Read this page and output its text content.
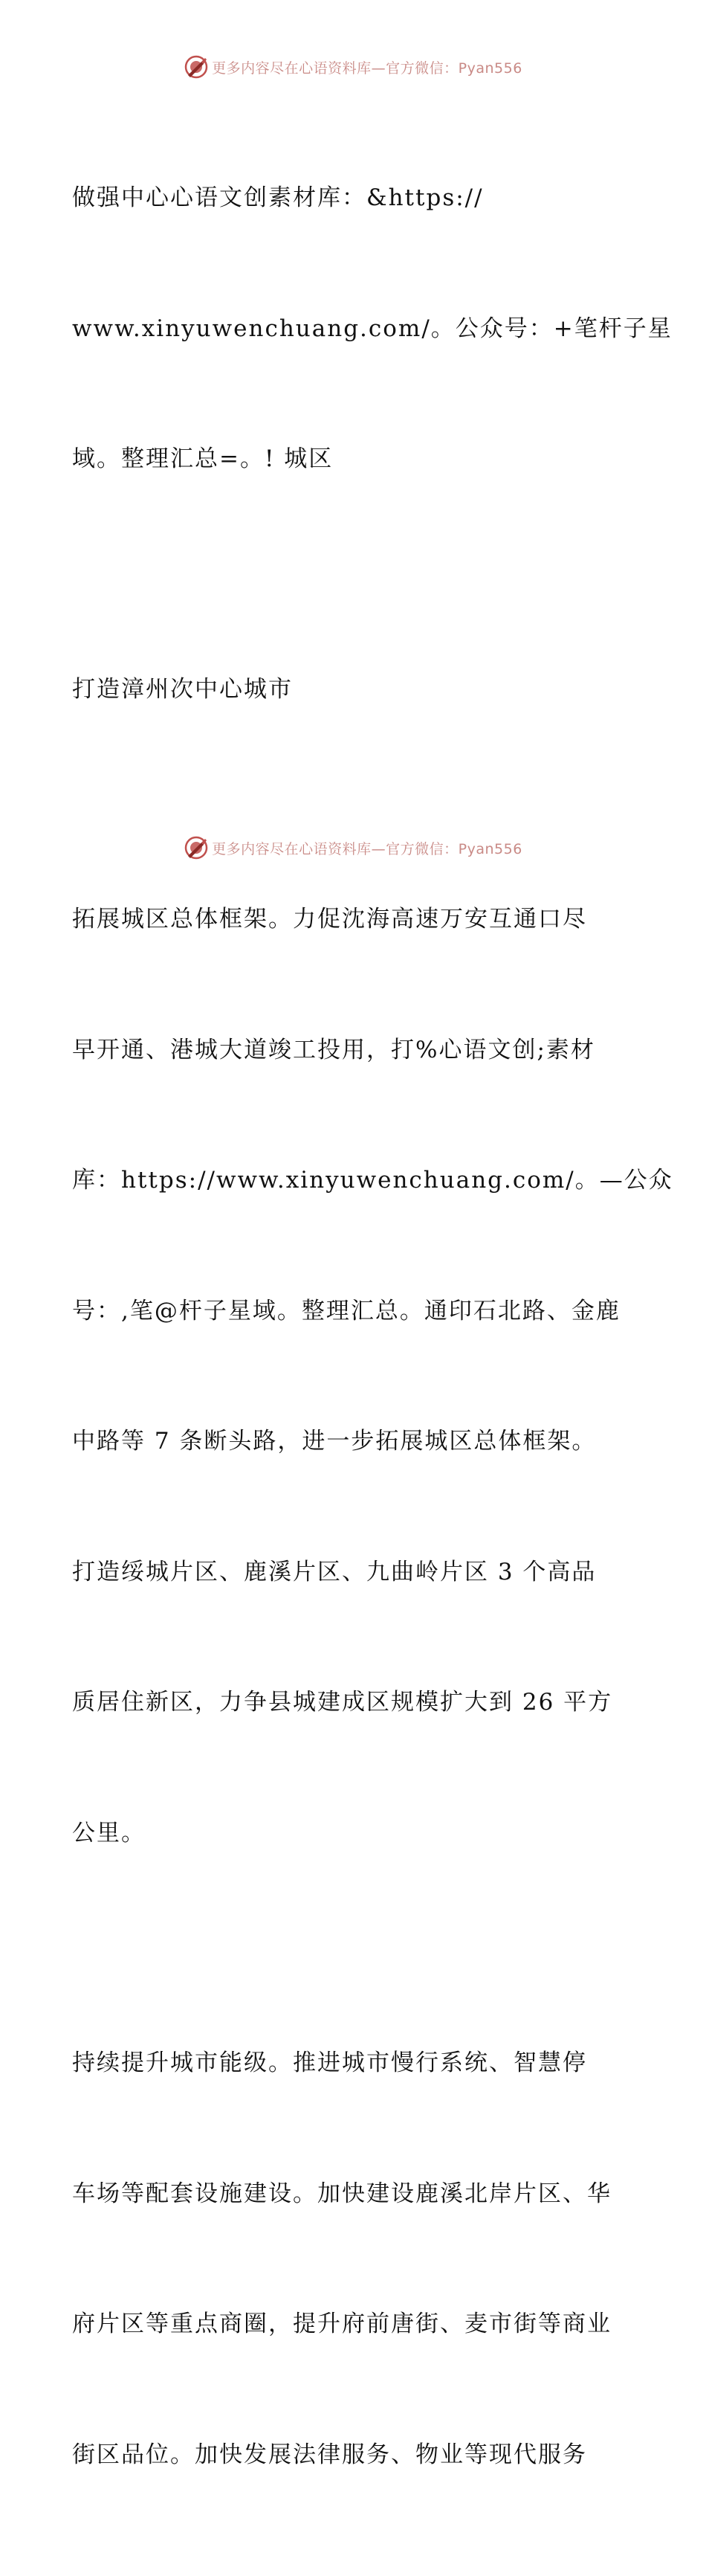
更多内容尽在心语资料库—官方微信：Pyan556

做强中心心语文创素材库：&https://

www.xinyuwenchuang.com/。公众号：+笔杆子星

域。整理汇总=。! 城区

打造漳州次中心城市

拓展城区总体框架。力促沈海高速万安互通口尽

早开通、港城大道竣工投用，打%心语文创;素材

库：https://www.xinyuwenchuang.com/。—公众

号：,笔@杆子星域。整理汇总。通印石北路、金鹿

中路等 7 条断头路，进一步拓展城区总体框架。

打造绥城片区、鹿溪片区、九曲岭片区 3 个高品

质居住新区，力争县城建成区规模扩大到 26 平方

公里。

持续提升城市能级。推进城市慢行系统、智慧停

车场等配套设施建设。加快建设鹿溪北岸片区、华

府片区等重点商圈，提升府前唐街、麦市街等商业

街区品位。加快发展法律服务、物业等现代服务

更多内容尽在心语资料库—官方微信：Pyan556
